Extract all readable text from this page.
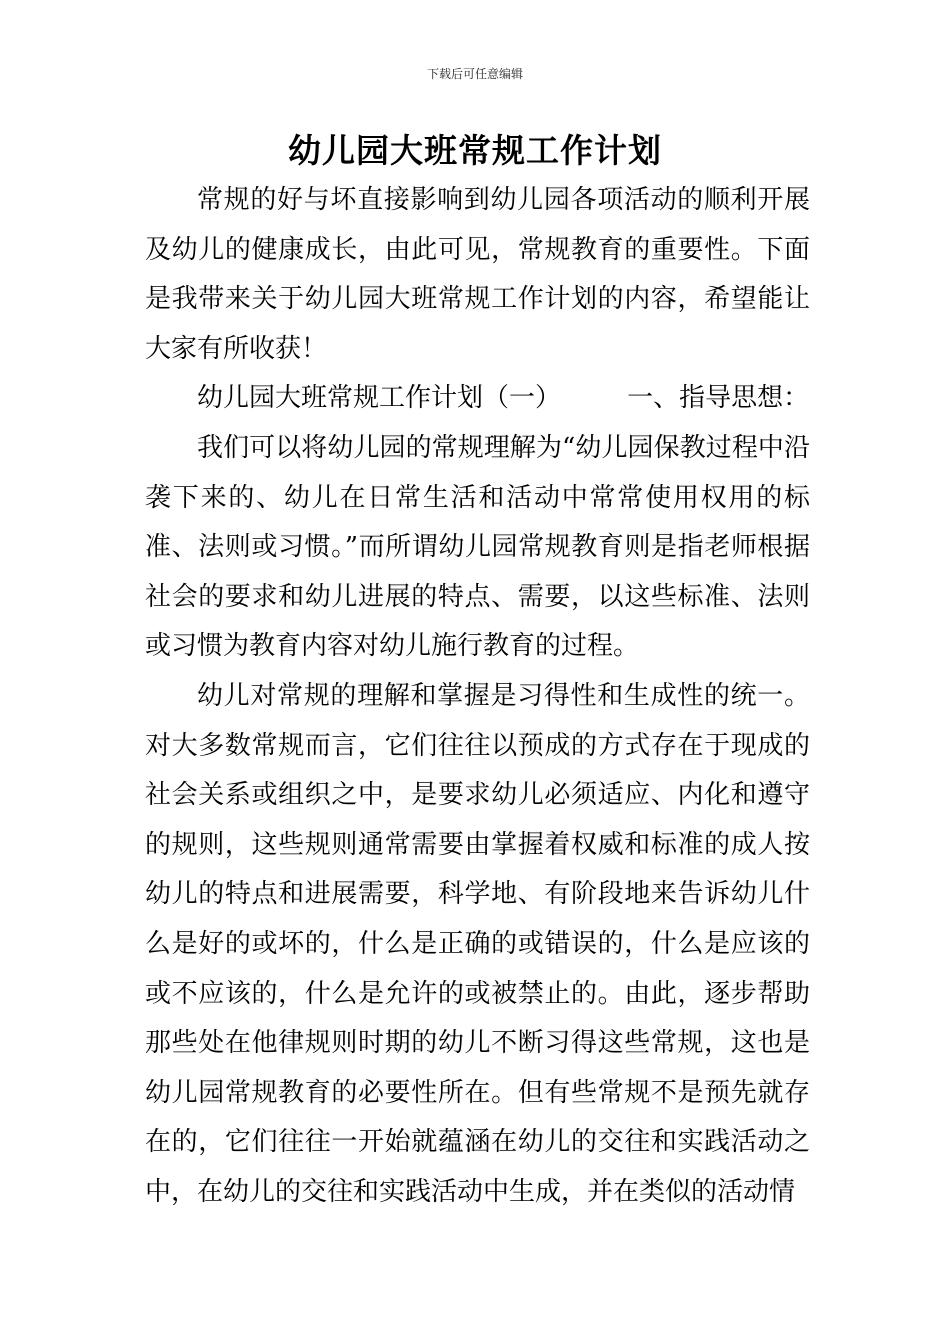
下载后可任意编辑
幼儿园大班常规工作计划

常规的好与坏直接影响到幼儿园各项活动的顺利开展及幼儿的健康成长，由此可见，常规教育的重要性。下面是我带来关于幼儿园大班常规工作计划的内容，希望能让大家有所收获！

幼儿园大班常规工作计划（一）	一、指导思想：

我们可以将幼儿园的常规理解为“幼儿园保教过程中沿袭下来的、幼儿在日常生活和活动中常常使用权用的标准、法则或习惯。”而所谓幼儿园常规教育则是指老师根据社会的要求和幼儿进展的特点、需要，以这些标准、法则或习惯为教育内容对幼儿施行教育的过程。

幼儿对常规的理解和掌握是习得性和生成性的统一。对大多数常规而言，它们往往以预成的方式存在于现成的社会关系或组织之中，是要求幼儿必须适应、内化和遵守的规则，这些规则通常需要由掌握着权威和标准的成人按幼儿的特点和进展需要，科学地、有阶段地来告诉幼儿什么是好的或坏的，什么是正确的或错误的，什么是应该的或不应该的，什么是允许的或被禁止的。由此，逐步帮助那些处在他律规则时期的幼儿不断习得这些常规，这也是幼儿园常规教育的必要性所在。但有些常规不是预先就存在的，它们往往一开始就蕴涵在幼儿的交往和实践活动之中，在幼儿的交往和实践活动中生成，并在类似的活动情
